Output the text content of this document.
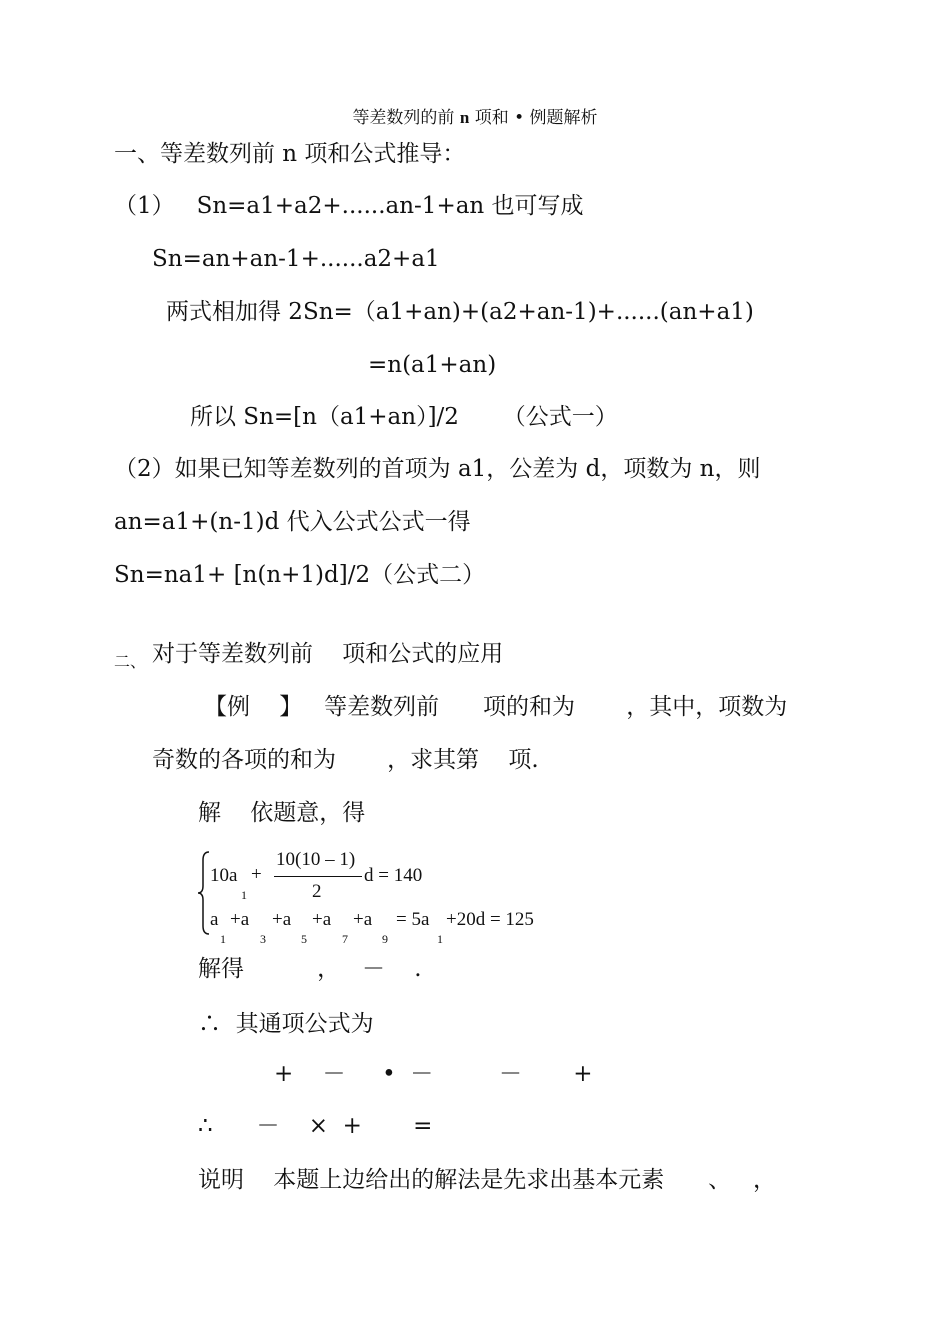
等差数列的前 n 项和 • 例题解析
一、等差数列前 n 项和公式推导：
（1）   Sn=a1+a2+......an-1+an 也可写成
Sn=an+an-1+......a2+a1
两式相加得 2Sn=（a1+an)+(a2+an-1)+......(an+a1)
=n(a1+an)
所以 Sn=[n（a1+an）]/2      （公式一）
（2）如果已知等差数列的首项为 a1，公差为 d，项数为 n，则
an=a1+(n-1)d 代入公式公式一得
Sn=na1+ [n(n+1)d]/2（公式二）
二、 对于等差数列前    项和公式的应用
【例    】   等差数列前      项的和为       ，其中，项数为
奇数的各项的和为       ，求其第    项.
解    依题意，得
10a
1
+
10(10 – 1)
2
d = 140
a
1
+a
3
+a
5
+a
7
+a
9
= 5a
1
+20d = 125
解得          ，   －    .
∴  其通项公式为
+    －     •  －         －       +
∴      －    ×  +       =
说明    本题上边给出的解法是先求出基本元素      、   ，
